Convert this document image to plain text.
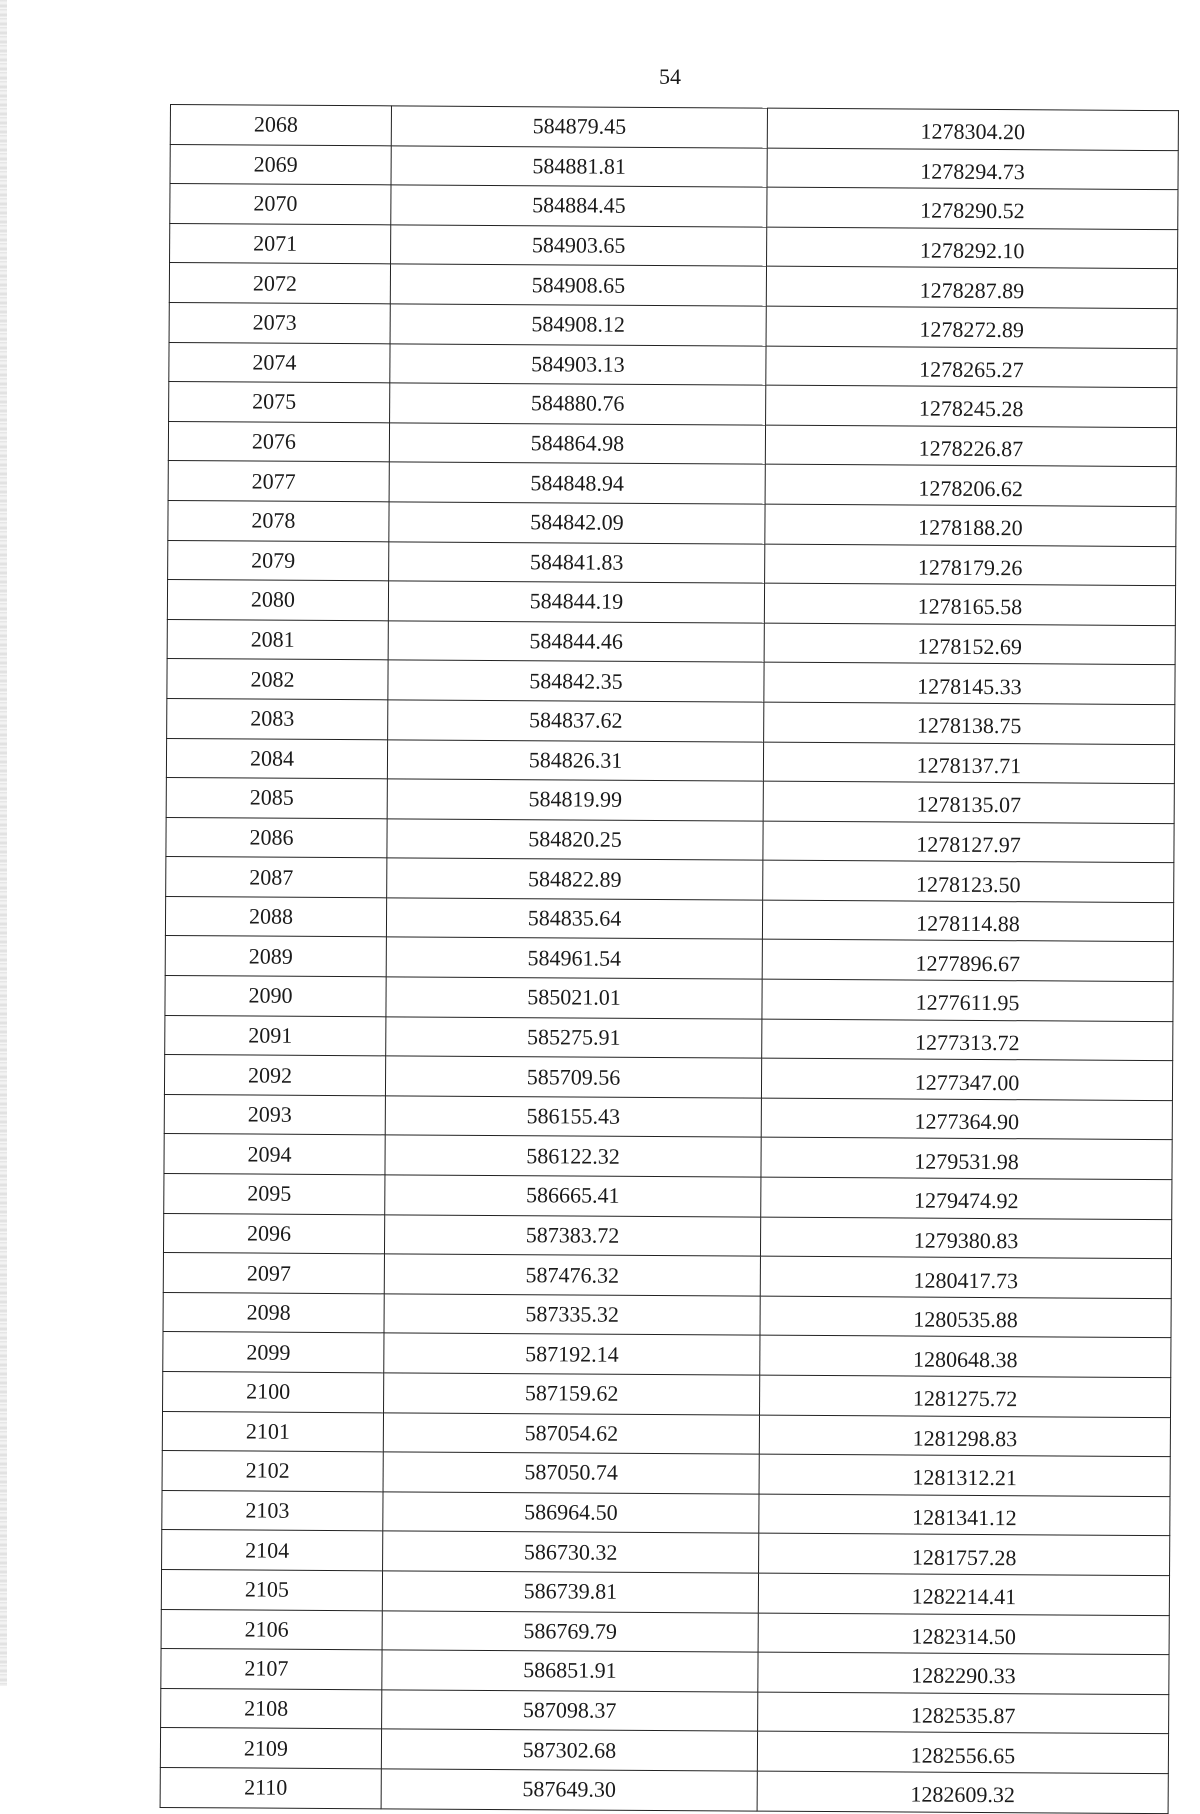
54
2068	584879.45	1278304.20
2069	584881.81	1278294.73
2070	584884.45	1278290.52
2071	584903.65	1278292.10
2072	584908.65	1278287.89
2073	584908.12	1278272.89
2074	584903.13	1278265.27
2075	584880.76	1278245.28
2076	584864.98	1278226.87
2077	584848.94	1278206.62
2078	584842.09	1278188.20
2079	584841.83	1278179.26
2080	584844.19	1278165.58
2081	584844.46	1278152.69
2082	584842.35	1278145.33
2083	584837.62	1278138.75
2084	584826.31	1278137.71
2085	584819.99	1278135.07
2086	584820.25	1278127.97
2087	584822.89	1278123.50
2088	584835.64	1278114.88
2089	584961.54	1277896.67
2090	585021.01	1277611.95
2091	585275.91	1277313.72
2092	585709.56	1277347.00
2093	586155.43	1277364.90
2094	586122.32	1279531.98
2095	586665.41	1279474.92
2096	587383.72	1279380.83
2097	587476.32	1280417.73
2098	587335.32	1280535.88
2099	587192.14	1280648.38
2100	587159.62	1281275.72
2101	587054.62	1281298.83
2102	587050.74	1281312.21
2103	586964.50	1281341.12
2104	586730.32	1281757.28
2105	586739.81	1282214.41
2106	586769.79	1282314.50
2107	586851.91	1282290.33
2108	587098.37	1282535.87
2109	587302.68	1282556.65
2110	587649.30	1282609.32
